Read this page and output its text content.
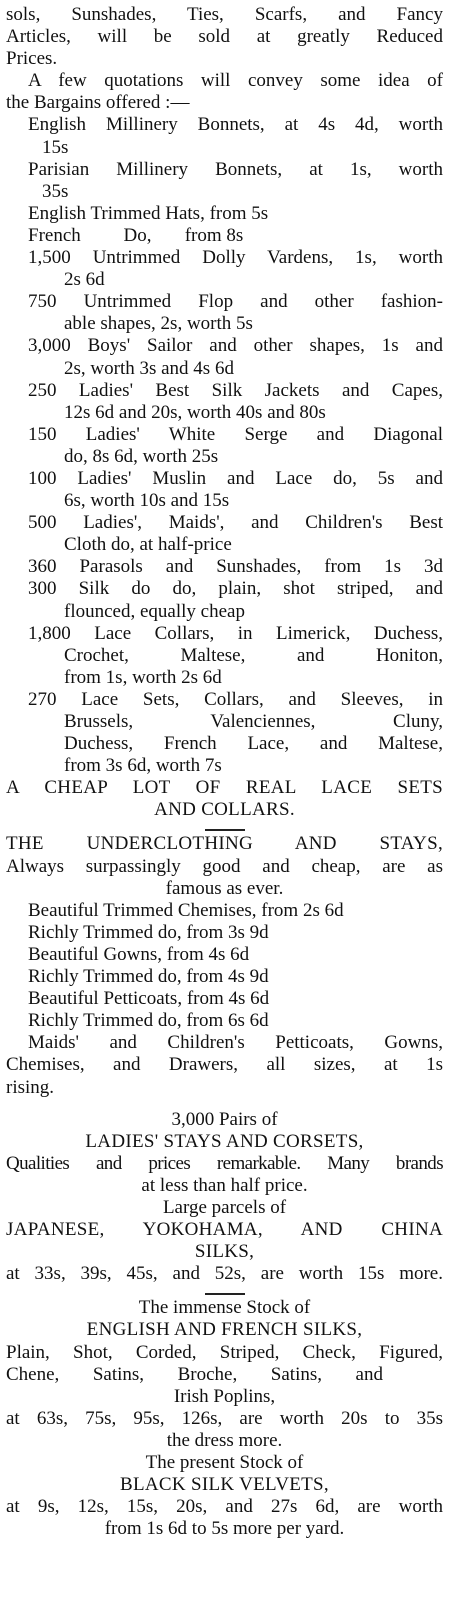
sols, Sunshades, Ties, Scarfs, and Fancy
Articles, will be sold at greatly Reduced
Prices.
A few quotations will convey some idea of
the Bargains offered :—
English Millinery Bonnets, at 4s 4d, worth
15s
Parisian Millinery Bonnets, at 1s, worth
35s
English Trimmed Hats, from 5s
French         Do,       from 8s
1,500 Untrimmed Dolly Vardens, 1s, worth
2s 6d
750 Untrimmed Flop and other fashion-
able shapes, 2s, worth 5s
3,000 Boys' Sailor and other shapes, 1s and
2s, worth 3s and 4s 6d
250 Ladies' Best Silk Jackets and Capes,
12s 6d and 20s, worth 40s and 80s
150 Ladies' White Serge and Diagonal
do, 8s 6d, worth 25s
100 Ladies' Muslin and Lace do, 5s and
6s, worth 10s and 15s
500 Ladies', Maids', and Children's Best
Cloth do, at half-price
360 Parasols and Sunshades, from 1s 3d
300 Silk do do, plain, shot striped, and
flounced, equally cheap
1,800 Lace Collars, in Limerick, Duchess,
Crochet, Maltese, and Honiton,
from 1s, worth 2s 6d
270 Lace Sets, Collars, and Sleeves, in
Brussels, Valenciennes, Cluny,
Duchess, French Lace, and Maltese,
from 3s 6d, worth 7s
A CHEAP LOT OF REAL LACE SETS
AND COLLARS.
THE UNDERCLOTHING AND STAYS,
Always surpassingly good and cheap, are as
famous as ever.
Beautiful Trimmed Chemises, from 2s 6d
Richly Trimmed do, from 3s 9d
Beautiful Gowns, from 4s 6d
Richly Trimmed do, from 4s 9d
Beautiful Petticoats, from 4s 6d
Richly Trimmed do, from 6s 6d
Maids' and Children's Petticoats, Gowns,
Chemises, and Drawers, all sizes, at 1s
rising.
3,000 Pairs of
LADIES' STAYS AND CORSETS,
Qualities and prices remarkable. Many brands
at less than half price.
Large parcels of
JAPANESE, YOKOHAMA, AND CHINA
SILKS,
at 33s, 39s, 45s, and 52s, are worth 15s more.
The immense Stock of
ENGLISH AND FRENCH SILKS,
Plain, Shot, Corded, Striped, Check, Figured,
Chene, Satins, Broche, Satins, and
Irish Poplins,
at 63s, 75s, 95s, 126s, are worth 20s to 35s
the dress more.
The present Stock of
BLACK SILK VELVETS,
at 9s, 12s, 15s, 20s, and 27s 6d, are worth
from 1s 6d to 5s more per yard.
